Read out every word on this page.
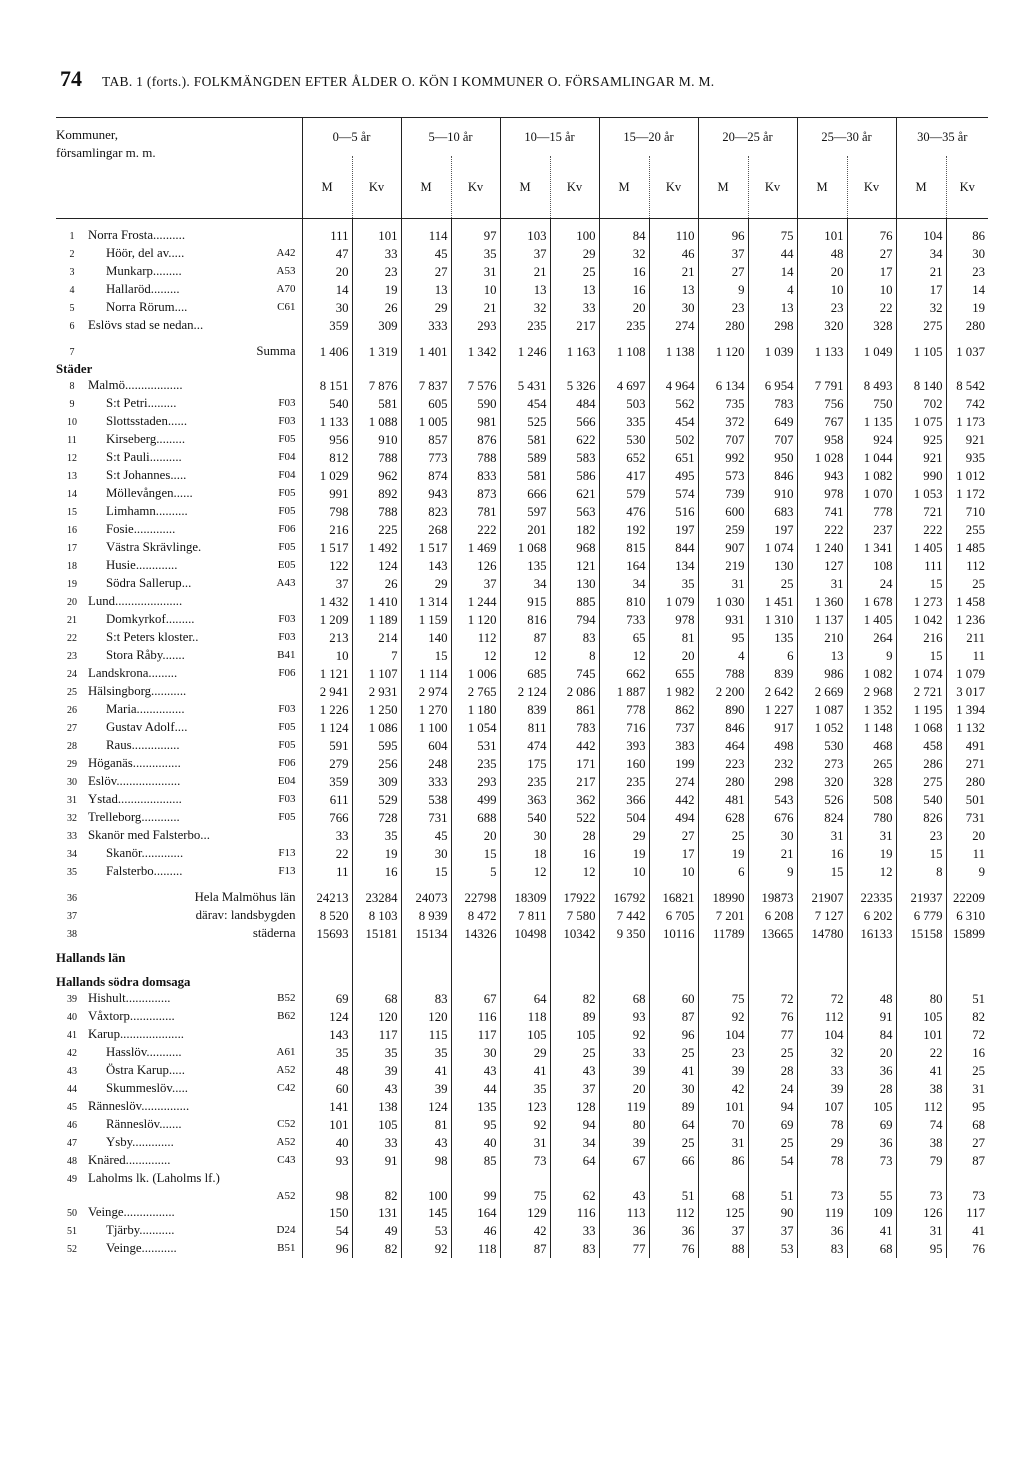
74 TAB. 1 (forts.). FOLKMÄNGDEN EFTER ÅLDER O. KÖN I KOMMUNER O. FÖRSAMLINGAR M. M.
Kommuner,
församlingar m. m.	0—5 år		5—10 år		10—15 år		15—20 år		20—25 år		25—30 år		30—35 år	
	M	Kv	M	Kv	M	Kv	M	Kv	M	Kv	M	Kv	M	Kv

1 Norra Frosta..........	111	101	114	97	103	100	84	110	96	75	101	76	104	86
2 Höör, del av..... A42	47	33	45	35	37	29	32	46	37	44	48	27	34	30
3 Munkarp......... A53	20	23	27	31	21	25	16	21	27	14	20	17	21	23
4 Hallaröd......... A70	14	19	13	10	13	13	16	13	9	4	10	10	17	14
5 Norra Rörum.... C61	30	26	29	21	32	33	20	30	23	13	23	22	32	19
6 Eslövs stad se nedan...	359	309	333	293	235	217	235	274	280	298	320	328	275	280

7 Summa	1 406	1 319	1 401	1 342	1 246	1 163	1 108	1 138	1 120	1 039	1 133	1 049	1 105	1 037
Städer														
8 Malmö..................	8 151	7 876	7 837	7 576	5 431	5 326	4 697	4 964	6 134	6 954	7 791	8 493	8 140	8 542
9 S:t Petri......... F03	540	581	605	590	454	484	503	562	735	783	756	750	702	742
10 Slottsstaden...... F03	1 133	1 088	1 005	981	525	566	335	454	372	649	767	1 135	1 075	1 173
11 Kirseberg......... F05	956	910	857	876	581	622	530	502	707	707	958	924	925	921
12 S:t Pauli.......... F04	812	788	773	788	589	583	652	651	992	950	1 028	1 044	921	935
13 S:t Johannes..... F04	1 029	962	874	833	581	586	417	495	573	846	943	1 082	990	1 012
14 Möllevången...... F05	991	892	943	873	666	621	579	574	739	910	978	1 070	1 053	1 172
15 Limhamn.......... F05	798	788	823	781	597	563	476	516	600	683	741	778	721	710
16 Fosie............. F06	216	225	268	222	201	182	192	197	259	197	222	237	222	255
17 Västra Skrävlinge. F05	1 517	1 492	1 517	1 469	1 068	968	815	844	907	1 074	1 240	1 341	1 405	1 485
18 Husie............. E05	122	124	143	126	135	121	164	134	219	130	127	108	111	112
19 Södra Sallerup... A43	37	26	29	37	34	130	34	35	31	25	31	24	15	25
20 Lund.....................	1 432	1 410	1 314	1 244	915	885	810	1 079	1 030	1 451	1 360	1 678	1 273	1 458
21 Domkyrkof......... F03	1 209	1 189	1 159	1 120	816	794	733	978	931	1 310	1 137	1 405	1 042	1 236
22 S:t Peters kloster.. F03	213	214	140	112	87	83	65	81	95	135	210	264	216	211
23 Stora Råby....... B41	10	7	15	12	12	8	12	20	4	6	13	9	15	11
24 Landskrona......... F06	1 121	1 107	1 114	1 006	685	745	662	655	788	839	986	1 082	1 074	1 079
25 Hälsingborg...........	2 941	2 931	2 974	2 765	2 124	2 086	1 887	1 982	2 200	2 642	2 669	2 968	2 721	3 017
26 Maria............... F03	1 226	1 250	1 270	1 180	839	861	778	862	890	1 227	1 087	1 352	1 195	1 394
27 Gustav Adolf.... F05	1 124	1 086	1 100	1 054	811	783	716	737	846	917	1 052	1 148	1 068	1 132
28 Raus............... F05	591	595	604	531	474	442	393	383	464	498	530	468	458	491
29 Höganäs............... F06	279	256	248	235	175	171	160	199	223	232	273	265	286	271
30 Eslöv.................... E04	359	309	333	293	235	217	235	274	280	298	320	328	275	280
31 Ystad.................... F03	611	529	538	499	363	362	366	442	481	543	526	508	540	501
32 Trelleborg............ F05	766	728	731	688	540	522	504	494	628	676	824	780	826	731
33 Skanör med Falsterbo...	33	35	45	20	30	28	29	27	25	30	31	31	23	20
34 Skanör............. F13	22	19	30	15	18	16	19	17	19	21	16	19	15	11
35 Falsterbo......... F13	11	16	15	5	12	12	10	10	6	9	15	12	8	9

36 Hela Malmöhus län	24213	23284	24073	22798	18309	17922	16792	16821	18990	19873	21907	22335	21937	22209
37 därav: landsbygden	8 520	8 103	8 939	8 472	7 811	7 580	7 442	6 705	7 201	6 208	7 127	6 202	6 779	6 310
38 städerna	15693	15181	15134	14326	10498	10342	9 350	10116	11789	13665	14780	16133	15158	15899
Hallands län														
Hallands södra domsaga														
39 Hishult.............. B52	69	68	83	67	64	82	68	60	75	72	72	48	80	51
40 Våxtorp.............. B62	124	120	120	116	118	89	93	87	92	76	112	91	105	82
41 Karup....................	143	117	115	117	105	105	92	96	104	77	104	84	101	72
42 Hasslöv........... A61	35	35	35	30	29	25	33	25	23	25	32	20	22	16
43 Östra Karup..... A52	48	39	41	43	41	43	39	41	39	28	33	36	41	25
44 Skummeslöv..... C42	60	43	39	44	35	37	20	30	42	24	39	28	38	31
45 Ränneslöv...............	141	138	124	135	123	128	119	89	101	94	107	105	112	95
46 Ränneslöv....... C52	101	105	81	95	92	94	80	64	70	69	78	69	74	68
47 Ysby............. A52	40	33	43	40	31	34	39	25	31	25	29	36	38	27
48 Knäred.............. C43	93	91	98	85	73	64	67	66	86	54	78	73	79	87
49 Laholms lk. (Laholms lf.)														

A52	98	82	100	99	75	62	43	51	68	51	73	55	73	73
50 Veinge................	150	131	145	164	129	116	113	112	125	90	119	109	126	117
51 Tjärby........... D24	54	49	53	46	42	33	36	36	37	37	36	41	31	41
52 Veinge........... B51	96	82	92	118	87	83	77	76	88	53	83	68	95	76
